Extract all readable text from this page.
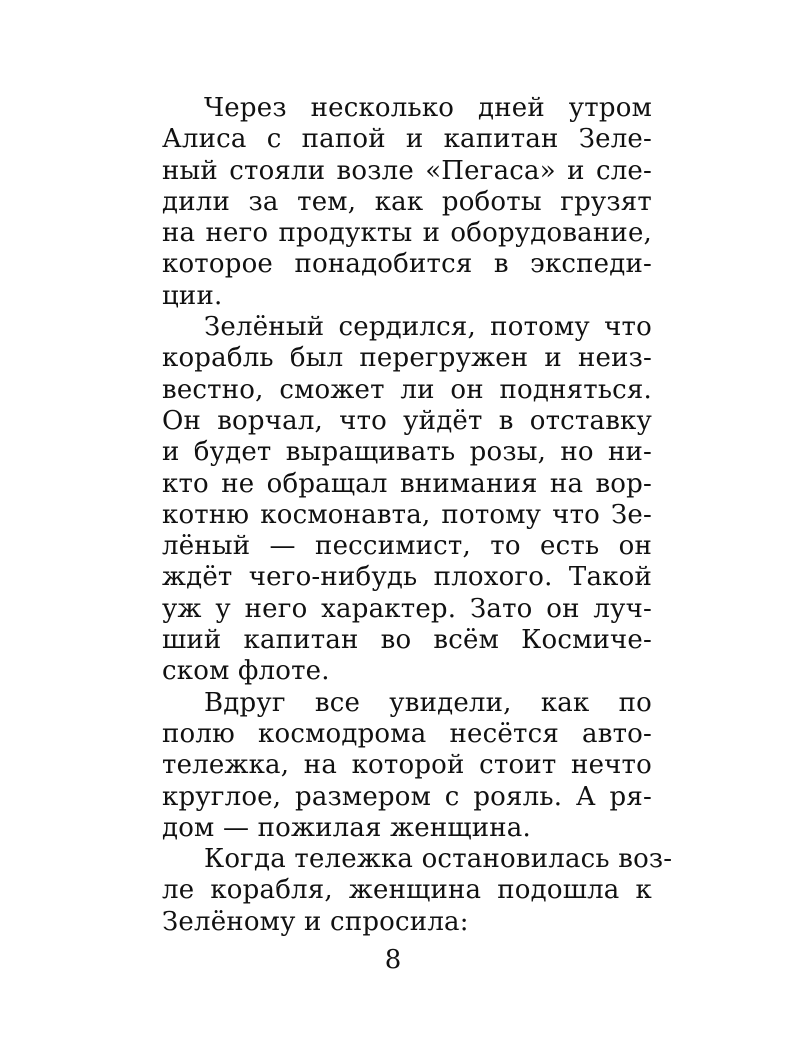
Через несколько дней утром
Алиса с папой и капитан Зеле-
ный стояли возле «Пегаса» и сле-
дили за тем, как роботы грузят
на него продукты и оборудование,
которое понадобится в экспеди-
ции.
Зелёный сердился, потому что
корабль был перегружен и неиз-
вестно, сможет ли он подняться.
Он ворчал, что уйдёт в отставку
и будет выращивать розы, но ни-
кто не обращал внимания на вор-
котню космонавта, потому что Зе-
лёный — пессимист, то есть он
ждёт чего-нибудь плохого. Такой
уж у него характер. Зато он луч-
ший капитан во всём Космиче-
ском флоте.
Вдруг все увидели, как по
полю космодрома несётся авто-
тележка, на которой стоит нечто
круглое, размером с рояль. А ря-
дом — пожилая женщина.
Когда тележка остановилась воз-
ле корабля, женщина подошла к
Зелёному и спросила:
8
